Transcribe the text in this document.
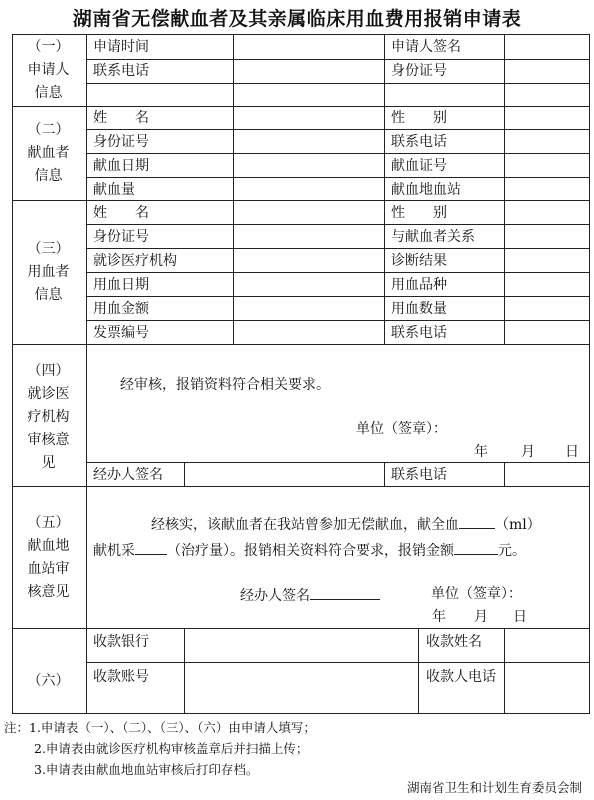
湖南省无偿献血者及其亲属临床用血费用报销申请表
（一）
申请人
信息
申请时间	申请人签名
联系电话	身份证号
（二）
献血者
信息
姓　　名	性　　别
身份证号	联系电话
献血日期	献血证号
献血量	献血地血站
（三）
用血者
信息
姓　　名	性　　别
身份证号	与献血者关系
就诊医疗机构	诊断结果
用血日期	用血品种
用血金额	用血数量
发票编号	联系电话
（四）
就诊医
疗机构
审核意
见
经审核，报销资料符合相关要求。
单位（签章）：
年 月 日
经办人签名	联系电话
（五）
献血地
血站审
核意见
经核实，该献血者在我站曾参加无偿献血，献全血	（ml）
献机采 （治疗量）。报销相关资料符合要求，报销金额	元。
经办人签名	单位（签章）：
年 月 日
（六）
收款银行	收款姓名
收款账号	收款人电话
注：1.申请表（一）、（二）、（三）、（六）由申请人填写；
2.申请表由就诊医疗机构审核盖章后并扫描上传；
3.申请表由献血地血站审核后打印存档。
湖南省卫生和计划生育委员会制
